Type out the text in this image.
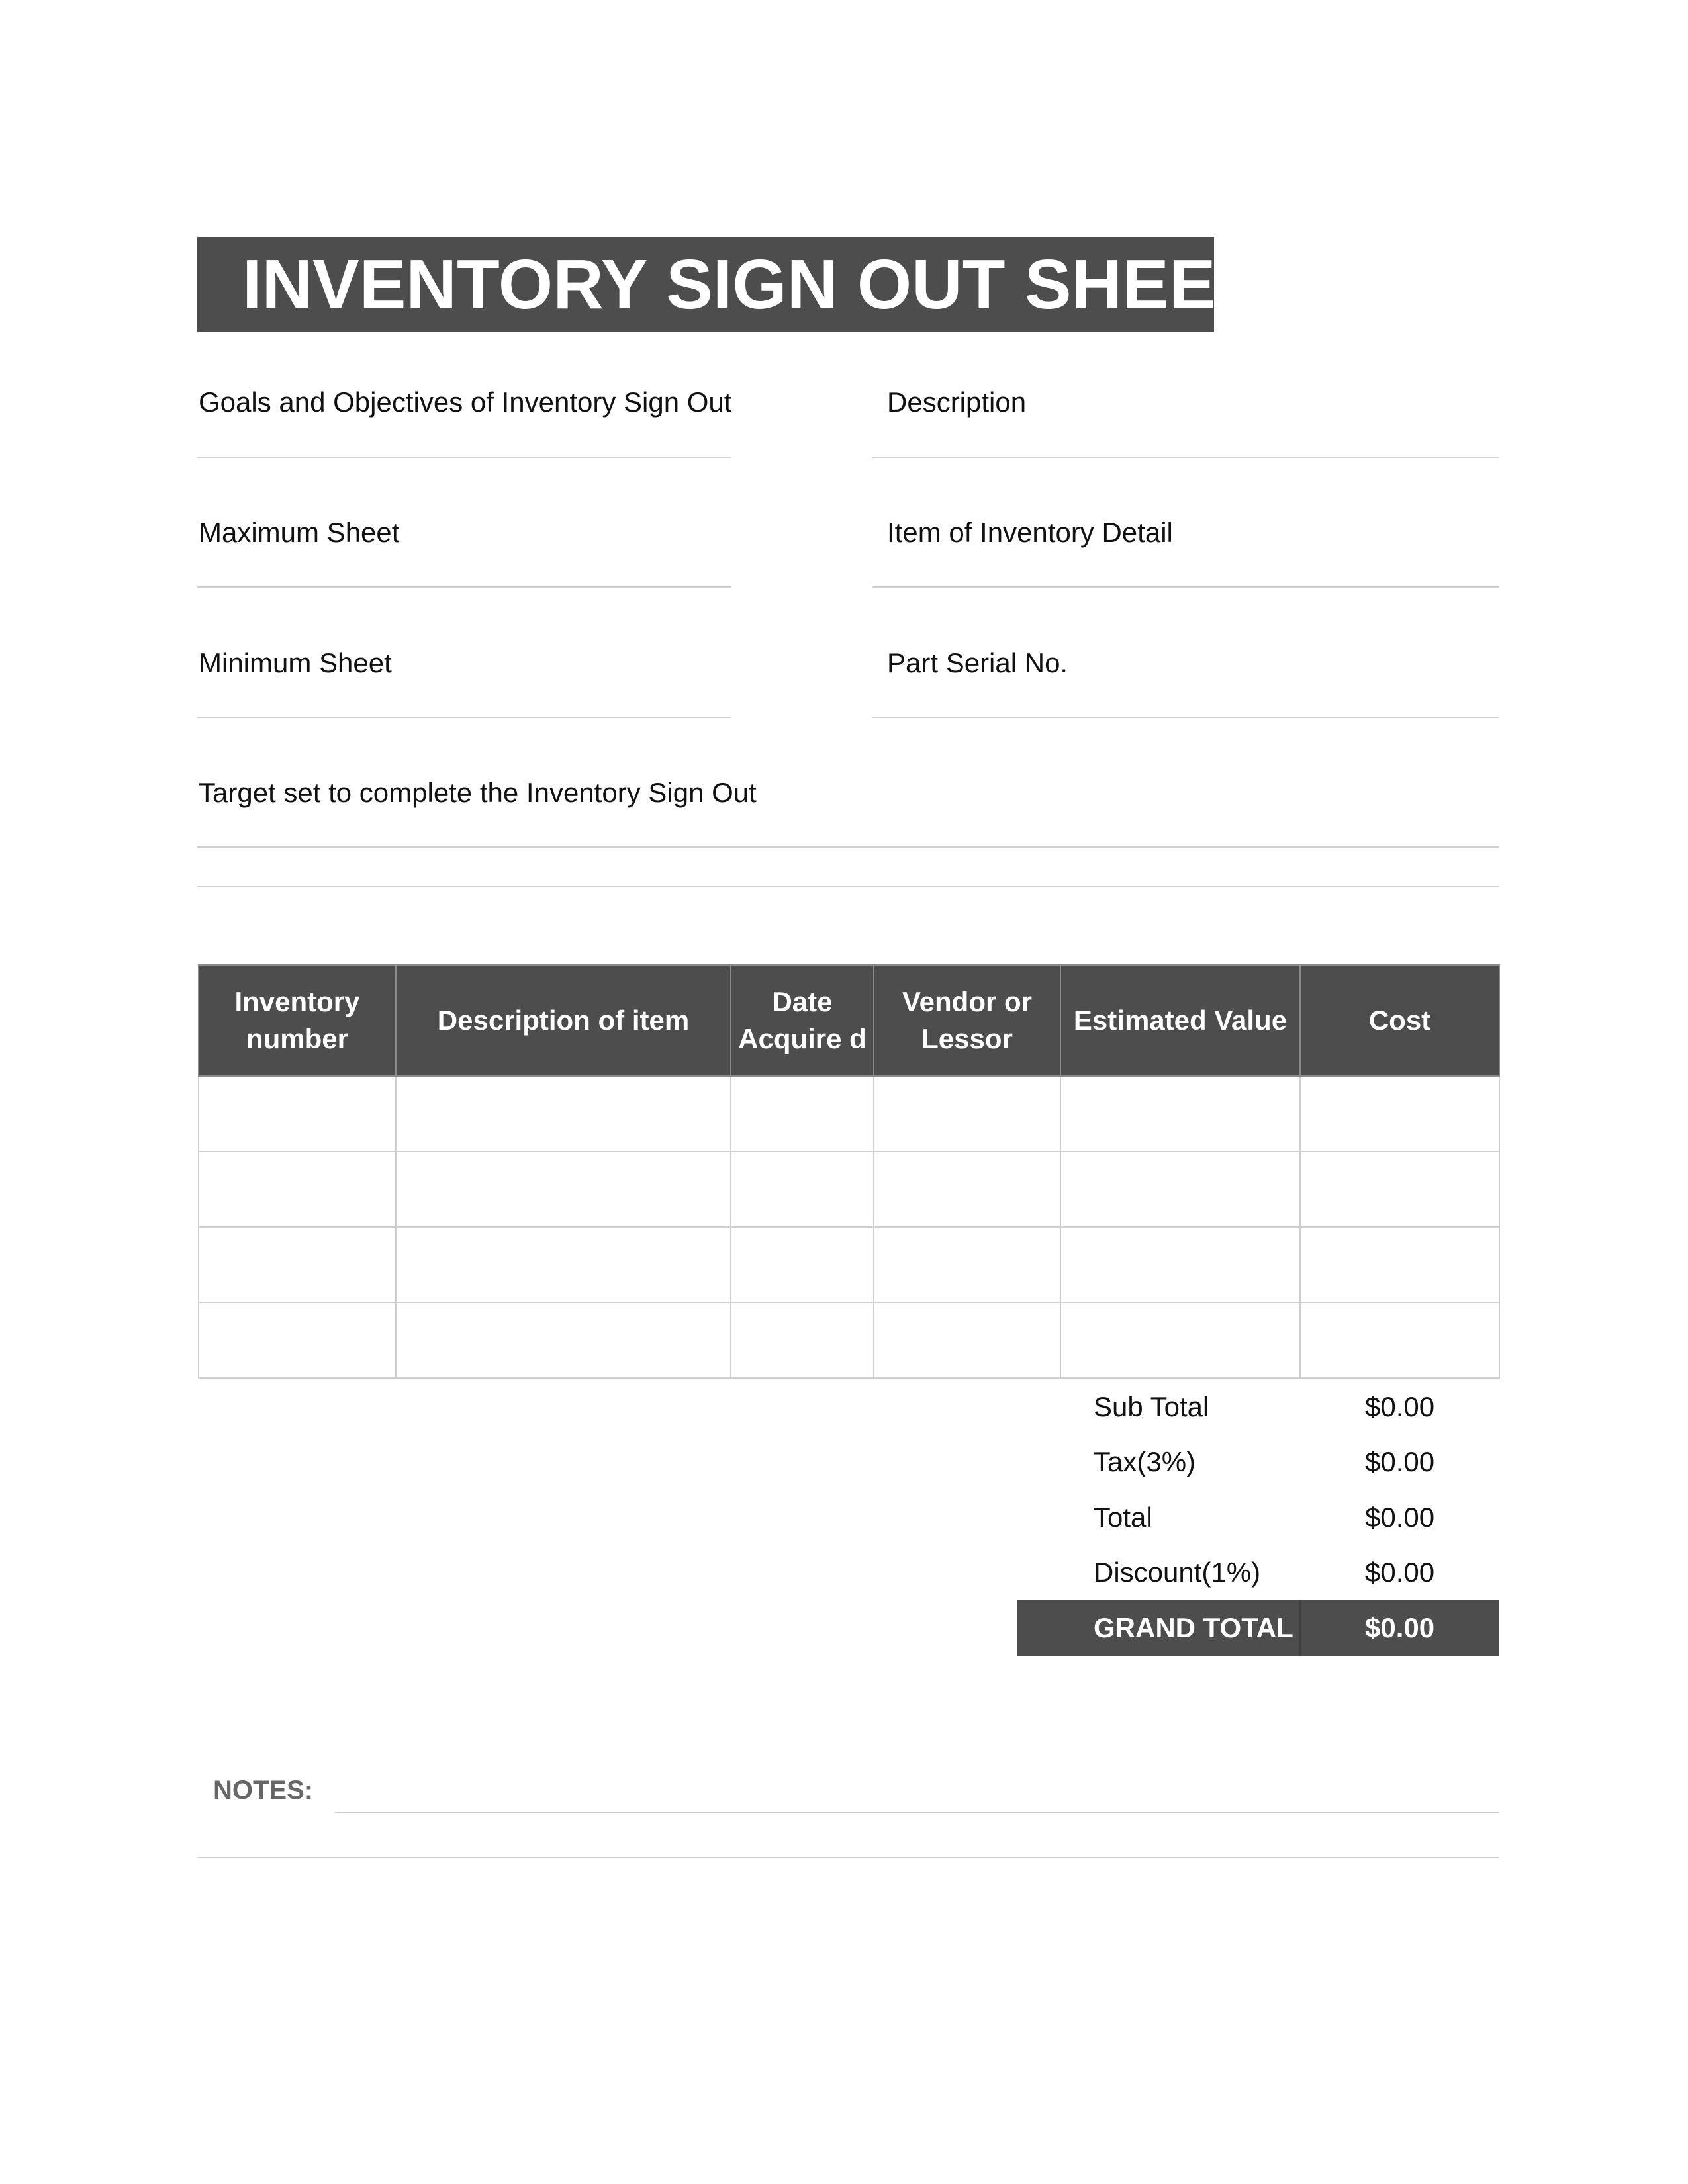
INVENTORY SIGN OUT SHEET
Goals and Objectives of Inventory Sign Out	Description
Maximum Sheet	Item of Inventory Detail
Minimum Sheet	Part Serial No.
Target set to complete the Inventory Sign Out
Inventory number	Description of item	Date Acquire d	Vendor or Lessor	Estimated Value	Cost

Sub Total	$0.00
Tax(3%)	$0.00
Total	$0.00
Discount(1%)	$0.00
GRAND TOTAL	$0.00
NOTES:
